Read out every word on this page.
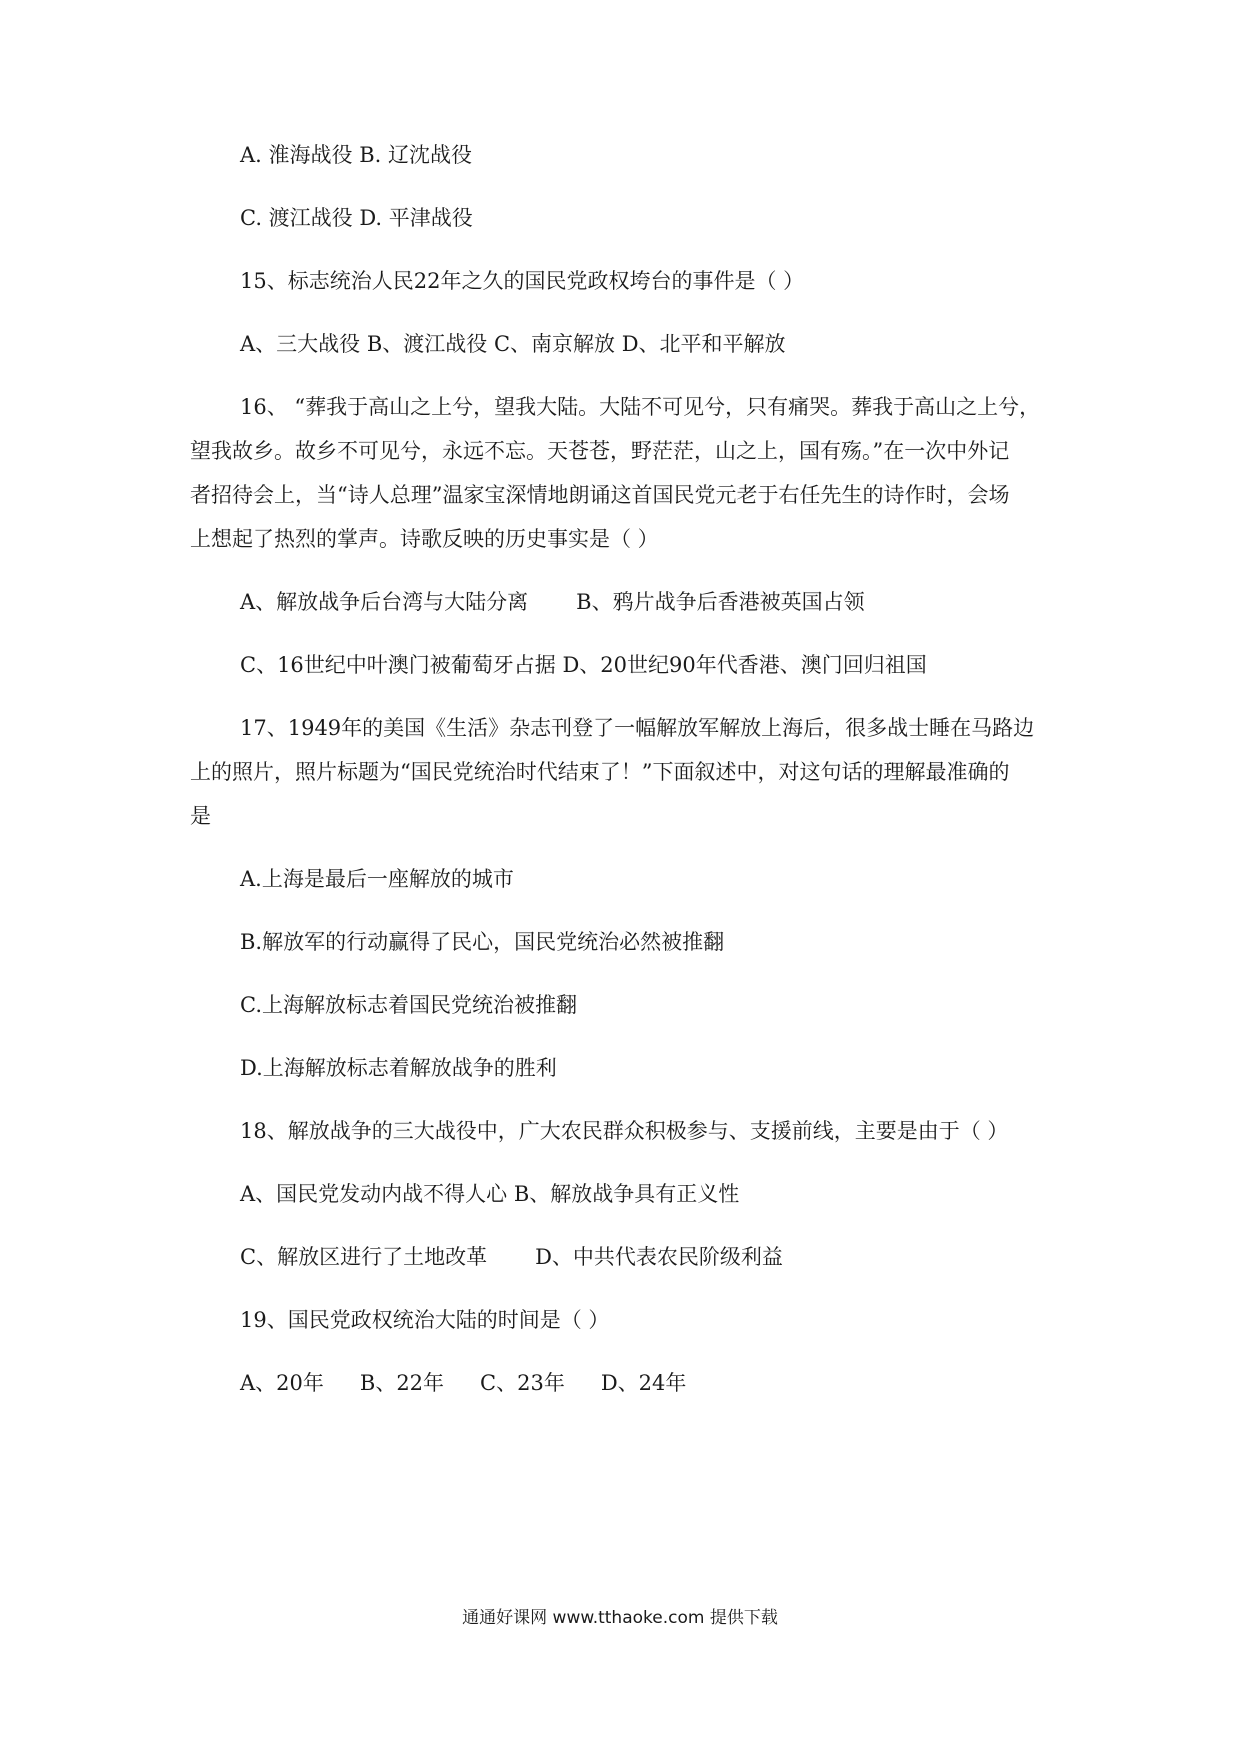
A. 淮海战役 B. 辽沈战役
C. 渡江战役 D. 平津战役
15、标志统治人民22年之久的国民党政权垮台的事件是（ ）
A、三大战役 B、渡江战役 C、南京解放 D、北平和平解放
16、 “葬我于高山之上兮，望我大陆。大陆不可见兮，只有痛哭。葬我于高山之上兮，
望我故乡。故乡不可见兮，永远不忘。天苍苍，野茫茫，山之上，国有殇。”在一次中外记
者招待会上，当“诗人总理”温家宝深情地朗诵这首国民党元老于右任先生的诗作时，会场
上想起了热烈的掌声。诗歌反映的历史事实是（ ）
A、解放战争后台湾与大陆分离 B、鸦片战争后香港被英国占领
C、16世纪中叶澳门被葡萄牙占据 D、20世纪90年代香港、澳门回归祖国
17、1949年的美国《生活》杂志刊登了一幅解放军解放上海后，很多战士睡在马路边
上的照片，照片标题为“国民党统治时代结束了！”下面叙述中，对这句话的理解最准确的
是
A.上海是最后一座解放的城市
B.解放军的行动赢得了民心，国民党统治必然被推翻
C.上海解放标志着国民党统治被推翻
D.上海解放标志着解放战争的胜利
18、解放战争的三大战役中，广大农民群众积极参与、支援前线，主要是由于（ ）
A、国民党发动内战不得人心 B、解放战争具有正义性
C、解放区进行了土地改革 D、中共代表农民阶级利益
19、国民党政权统治大陆的时间是（ ）
A、20年 B、22年 C、23年 D、24年
通通好课网 www.tthaoke.com 提供下载
